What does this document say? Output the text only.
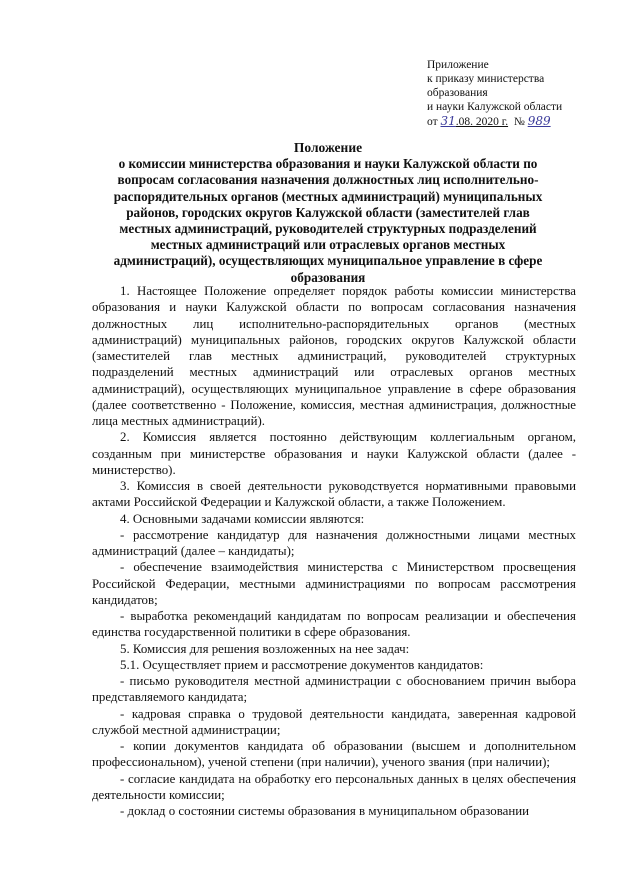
Приложение
к приказу министерства
образования
и науки Калужской области
от 31.08. 2020 г. № 989
Положение
о комиссии министерства образования и науки Калужской области по вопросам согласования назначения должностных лиц исполнительно-распорядительных органов (местных администраций) муниципальных районов, городских округов Калужской области (заместителей глав местных администраций, руководителей структурных подразделений местных администраций или отраслевых органов местных администраций), осуществляющих муниципальное управление в сфере образования

1. Настоящее Положение определяет порядок работы комиссии министерства образования и науки Калужской области по вопросам согласования назначения должностных лиц исполнительно-распорядительных органов (местных администраций) муниципальных районов, городских округов Калужской области (заместителей глав местных администраций, руководителей структурных подразделений местных администраций или отраслевых органов местных администраций), осуществляющих муниципальное управление в сфере образования (далее соответственно - Положение, комиссия, местная администрация, должностные лица местных администраций).

2. Комиссия является постоянно действующим коллегиальным органом, созданным при министерстве образования и науки Калужской области (далее - министерство).

3. Комиссия в своей деятельности руководствуется нормативными правовыми актами Российской Федерации и Калужской области, а также Положением.

4. Основными задачами комиссии являются:

- рассмотрение кандидатур для назначения должностными лицами местных администраций (далее – кандидаты);

- обеспечение взаимодействия министерства с Министерством просвещения Российской Федерации, местными администрациями по вопросам рассмотрения кандидатов;

- выработка рекомендаций кандидатам по вопросам реализации и обеспечения единства государственной политики в сфере образования.

5. Комиссия для решения возложенных на нее задач:

5.1. Осуществляет прием и рассмотрение документов кандидатов:

- письмо руководителя местной администрации с обоснованием причин выбора представляемого кандидата;

- кадровая справка о трудовой деятельности кандидата, заверенная кадровой службой местной администрации;

- копии документов кандидата об образовании (высшем и дополнительном профессиональном), ученой степени (при наличии), ученого звания (при наличии);

- согласие кандидата на обработку его персональных данных в целях обеспечения деятельности комиссии;

- доклад о состоянии системы образования в муниципальном образовании
